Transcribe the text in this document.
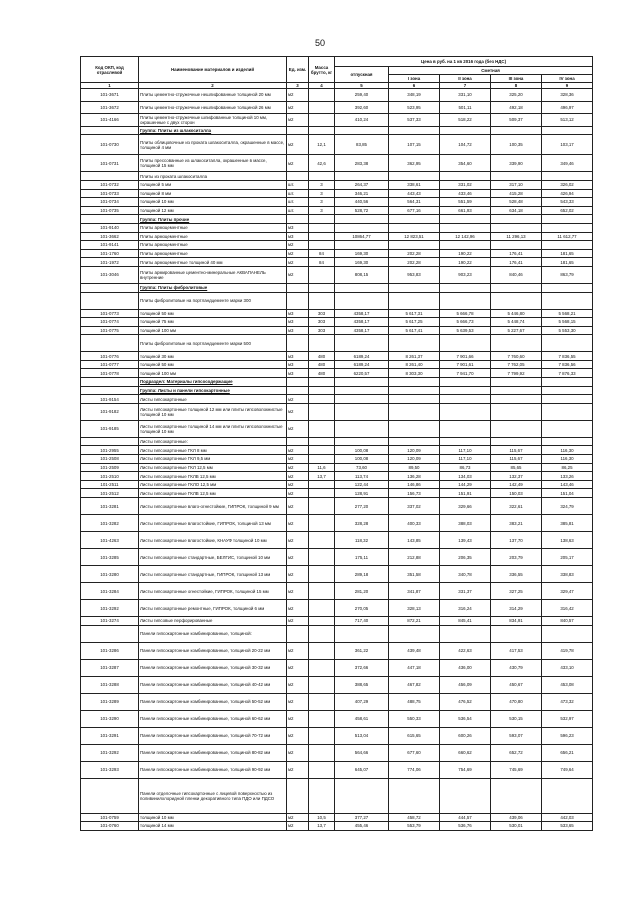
50
Код ОКП, код отраслевой	Наименование материалов и изделий	Ед. изм.	Масса брутто, кг	Цена в руб. на 1 кв 2016 года (без НДС)				
				отпускная	Сметная			
					I зона	II зона	III зона	IV зона
1	2	3	4	5	6	7	8	9
101-3671	Плиты цементно-стружечные нешлифованные толщиной 20 мм	м2		259,40	348,19	331,10	325,20	328,36
101-3672	Плиты цементно-стружечные нешлифованные толщиной 26 мм	м2		392,60	523,95	501,11	492,18	496,97
101-4166	Плиты цементно-стружечные шлифованные толщиной 10 мм, окрашенные с двух сторон	м2		410,24	537,33	518,22	509,37	513,12
	Группа: Плиты из шлакоситалла							
101-0730	Плиты облицовочные из проката шлакоситалла, окрашенные в массе, толщиной 4 мм	м2	12,1	83,85	107,15	104,72	100,35	103,17
101-0731	Плиты прессованные из шлакоситалла, окрашенные в массе, толщиной 15 мм	м2	42,6	283,38	362,95	354,60	339,90	349,46
	Плиты из проката шлакоситалла							
101-0732	толщиной 5 мм	шт.	3	264,37	338,61	331,02	317,10	326,02
101-0733	толщиной 8 мм	шт.	3	346,21	443,43	433,46	415,28	426,94
101-0734	толщиной 10 мм	шт.	3	440,56	564,31	551,59	528,48	543,33
101-0735	толщиной 12 мм	шт.	3	528,72	677,16	661,93	634,18	652,02
	Группа: Плиты прочие							
101-9140	Плиты армоцементные	м3						
101-3662	Плиты армоцементные	м3		10864,77	12 823,51	12 142,96	11 296,13	11 612,77
101-9141	Плиты армоцементные	м2						
101-1760	Плиты армоцементные	м2	84	169,30	202,28	190,22	176,41	181,65
101-1972	Плиты армоцементные толщиной 40 мм	м2	84	169,30	202,28	190,22	176,41	181,65
101-3046	Плиты армированные цементно-минеральные АКВАПАНЕЛЬ внутренние	м2		808,15	953,83	903,23	840,46	863,79
	Группа: Плиты фибролитовые							
	Плиты фибролитовые на портландцементе марки 300							
101-0773	толщиной 50 мм	м3	303	4358,17	5 617,31	5 666,78	5 446,80	5 568,21
101-0774	толщиной 75 мм	м3	303	4358,17	5 617,25	5 666,73	5 448,74	5 568,15
101-0775	толщиной 100 мм	м3	303	4358,17	5 617,41	5 639,53	5 227,67	5 553,30
	Плиты фибролитовые на портландцементе марки 500							
101-0776	толщиной 30 мм	м3	480	6189,24	8 261,37	7 901,66	7 760,60	7 836,55
101-0777	толщиной 50 мм	м3	480	6189,24	8 261,40	7 901,61	7 762,05	7 836,56
101-0778	толщиной 100 мм	м3	480	6220,57	8 303,30	7 941,70	7 799,92	7 876,33
	Подраздел: Материалы гипсосодержащие							
	Группа: Листы и панели гипсокартонные							
101-9154	Листы гипсокартонные	м2						
101-9182	Листы гипсокартонные толщиной 12 мм или плиты гипсоволокнистые толщиной 10 мм	м2						
101-9185	Листы гипсокартонные толщиной 14 мм или плиты гипсоволокнистые толщиной 10 мм	м2						
	Листы гипсокартонные:							
101-2955	Листы гипсокартонные ГКЛ 8 мм	м2		100,08	120,09	117,10	115,67	116,30
101-2508	Листы гипсокартонные ГКЛ 9,5 мм	м2		100,08	120,09	117,10	115,67	116,30
101-2509	Листы гипсокартонные ГКЛ 12,5 мм	м2	11,6	73,60	89,50	86,73	85,65	86,25
101-2510	Листы гипсокартонные ГКЛВ 12,5 мм	м2	13,7	113,74	136,28	134,03	132,37	133,26
101-2511	Листы гипсокартонные ГКЛО 12,5 мм	м2		122,44	146,86	144,29	142,49	143,46
101-2512	Листы гипсокартонные ГКЛВ 12,5 мм	м2		128,91	156,73	151,91	150,03	151,04
101-3281	Листы гипсокартонные влаго-огнестойкие, ГИПРОК, толщиной 9 мм	м2		277,20	337,02	329,66	322,61	324,79
101-3282	Листы гипсокартонные влагостойкие, ГИПРОК, толщиной 13 мм	м2		328,28	400,33	388,03	383,21	385,81
101-4263	Листы гипсокартонные влагостойкие, КНАУФ толщиной 10 мм	м2		118,32	143,85	139,43	137,70	138,63
101-3285	Листы гипсокартонные стандартные, БЕЛГИС, толщиной 10 мм	м2		175,11	212,88	206,35	203,79	205,17
101-3280	Листы гипсокартонные стандартные, ГИПРОК, толщиной 13 мм	м2		289,18	351,58	340,78	336,55	338,83
101-3284	Листы гипсокартонные огнестойкие, ГИПРОК, толщиной 15 мм	м2		281,20	341,87	331,37	327,25	329,47
101-3292	Листы гипсокартонные ремонтные, ГИПРОК, толщиной 6 мм	м2		270,05	328,13	316,24	314,29	316,42
101-3274	Листы гипсовые перфорированные	м2		717,40	872,21	845,41	834,91	840,57
	Панели гипсокартонные комбинированные, толщиной:							
101-3286	Панели гипсокартонные комбинированные, толщиной 20-22 мм	м2		361,22	439,48	422,63	417,53	419,78
101-3287	Панели гипсокартонные комбинированные, толщиной 30-32 мм	м2		372,66	447,18	436,00	430,79	433,10
101-3288	Панели гипсокартонные комбинированные, толщиной 40-42 мм	м2		388,65	467,82	456,09	450,67	453,08
101-3289	Панели гипсокартонные комбинированные, толщиной 50-52 мм	м2		407,29	488,75	476,52	470,80	473,32
101-3290	Панели гипсокартонные комбинированные, толщиной 60-62 мм	м2		458,61	550,33	536,54	530,15	532,97
101-3291	Панели гипсокартонные комбинированные, толщиной 70-72 мм	м2		513,04	615,65	600,26	593,07	596,23
101-3292	Панели гипсокартонные комбинированные, толщиной 80-82 мм	м2		564,66	677,60	660,62	652,72	656,21
101-3293	Панели гипсокартонные комбинированные, толщиной 90-92 мм	м2		645,07	774,06	754,69	745,69	749,64
	Панели отделочные гипсокартонные с лицевой поверхностью из поливинилхлоридной пленки декоративного типа ПДО или ПДСО							
101-0759	толщиной 10 мм	м2	10,5	377,27	458,72	444,57	439,06	442,03
101-0760	толщиной 14 мм	м2	13,7	455,46	553,79	536,76	530,01	533,65
